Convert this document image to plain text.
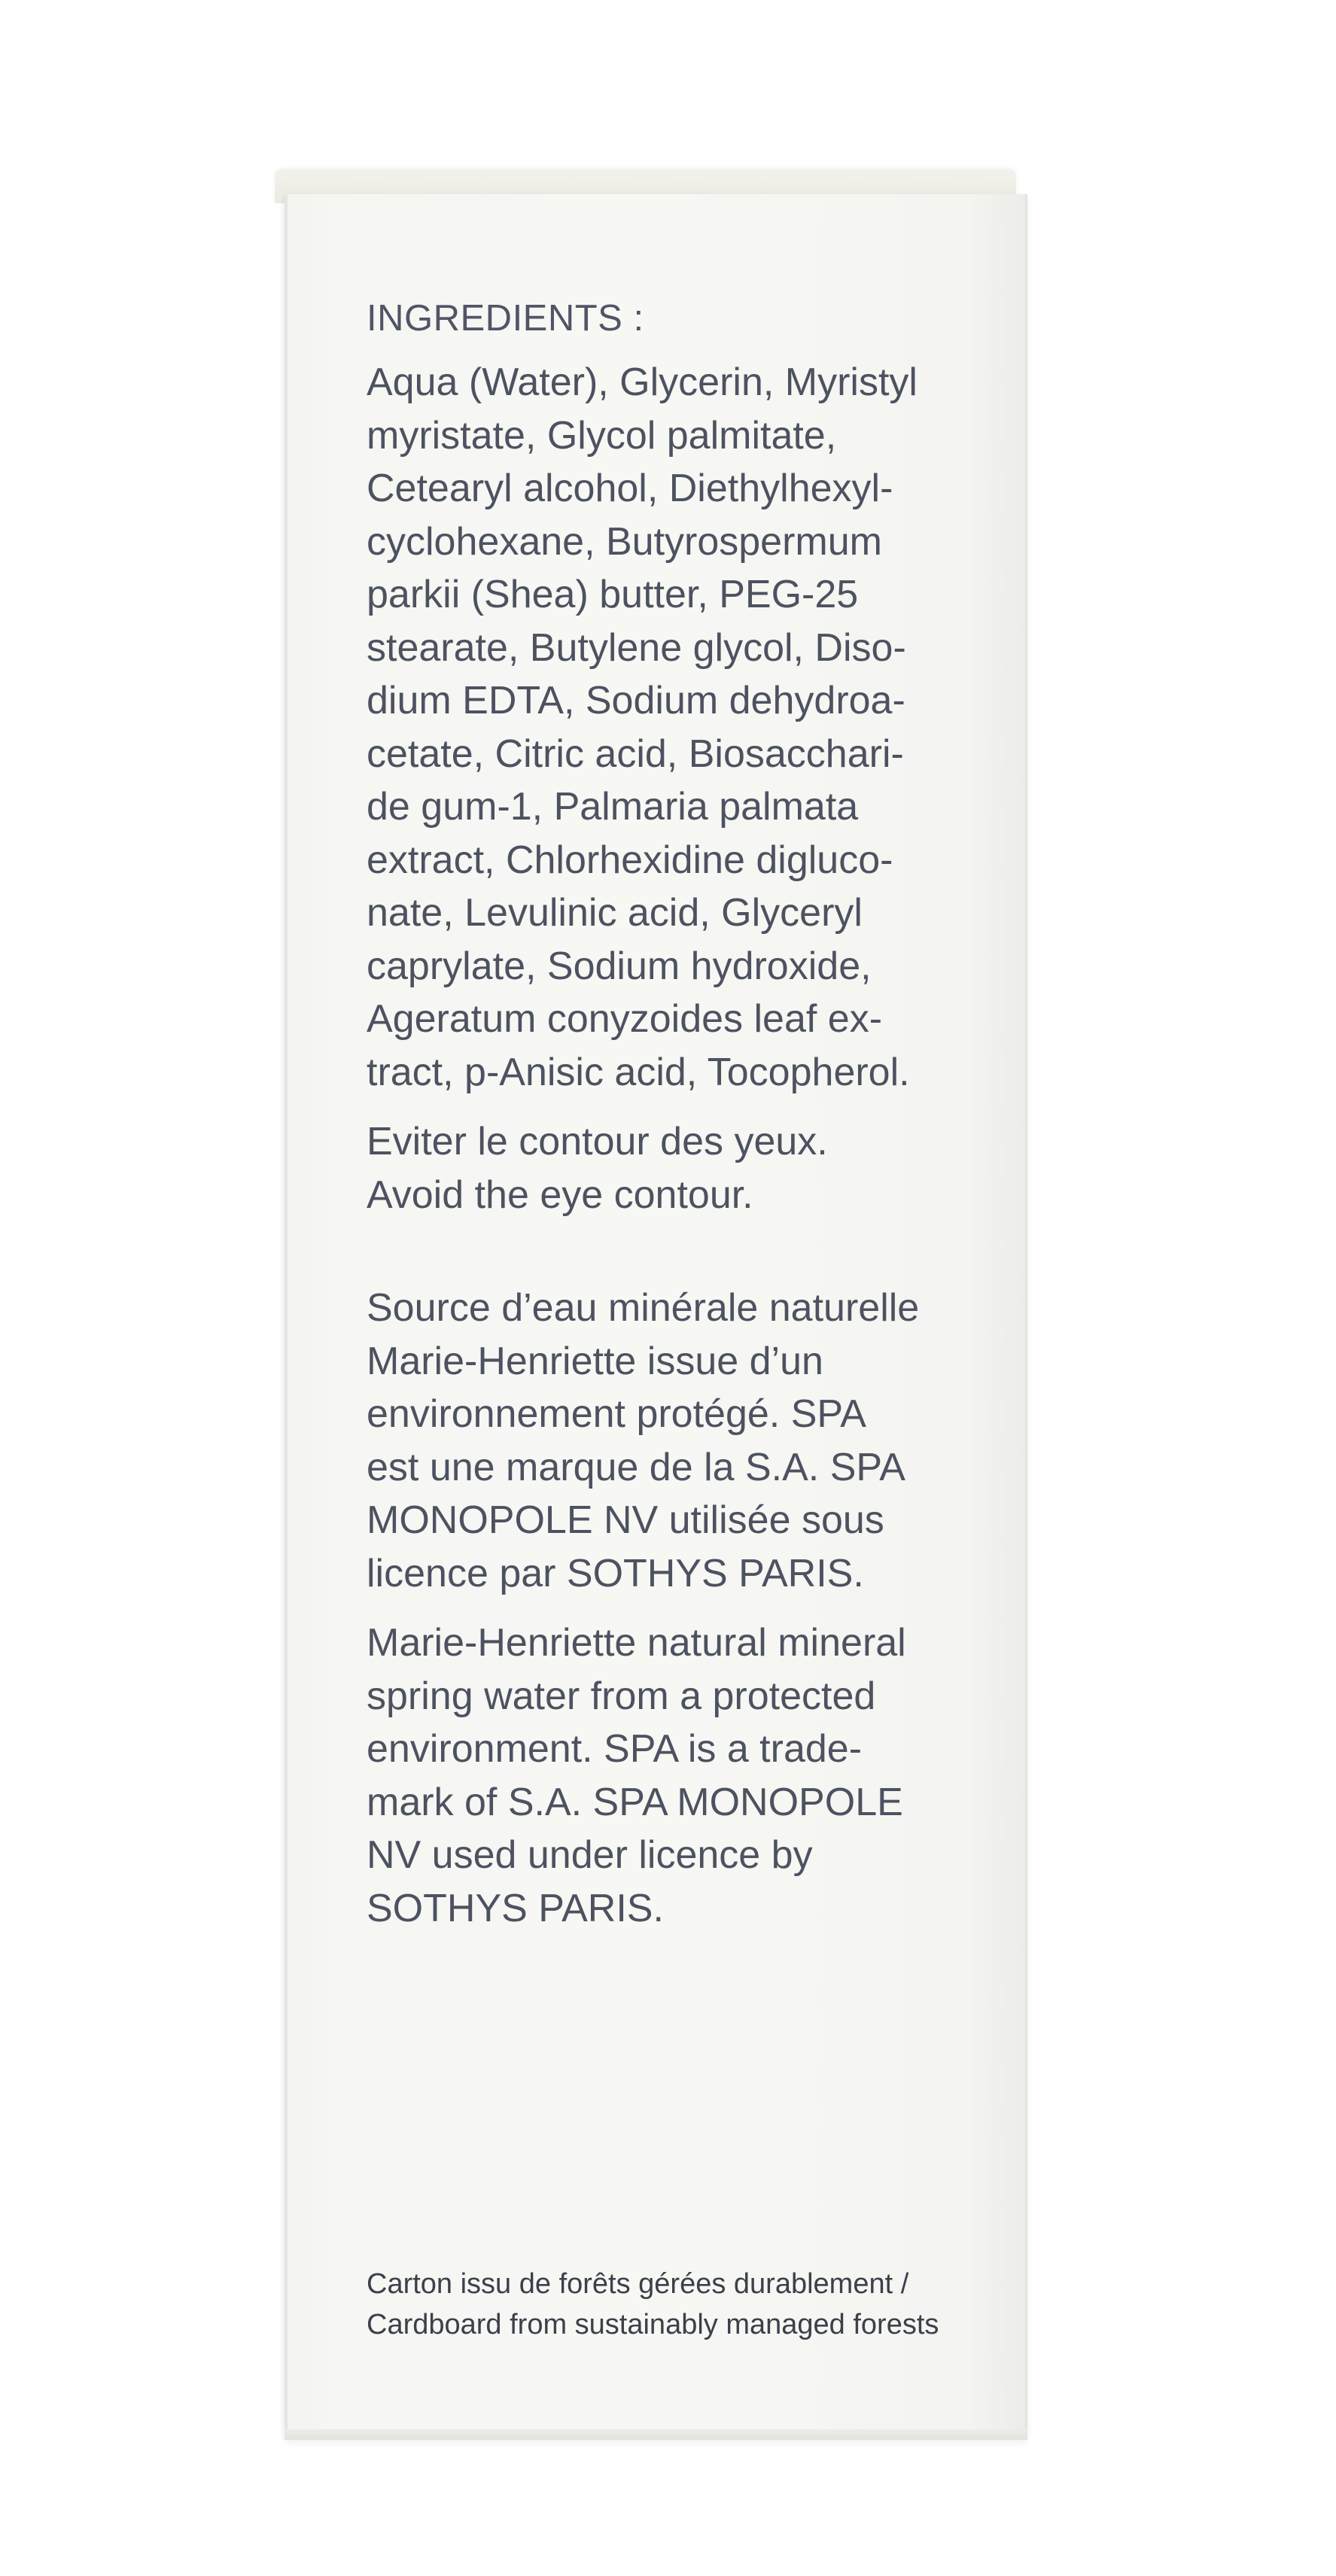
INGREDIENTS :

Aqua (Water), Glycerin, Myristyl
myristate, Glycol palmitate,
Cetearyl alcohol, Diethylhexyl-
cyclohexane, Butyrospermum
parkii (Shea) butter, PEG-25
stearate, Butylene glycol, Diso-
dium EDTA, Sodium dehydroa-
cetate, Citric acid, Biosacchari-
de gum-1, Palmaria palmata
extract, Chlorhexidine digluco-
nate, Levulinic acid, Glyceryl
caprylate, Sodium hydroxide,
Ageratum conyzoides leaf ex-
tract, p-Anisic acid, Tocopherol.

Eviter le contour des yeux.
Avoid the eye contour.

Source d’eau minérale naturelle
Marie-Henriette issue d’un
environnement protégé. SPA
est une marque de la S.A. SPA
MONOPOLE NV utilisée sous
licence par SOTHYS PARIS.

Marie-Henriette natural mineral
spring water from a protected
environment. SPA is a trade-
mark of S.A. SPA MONOPOLE
NV used under licence by
SOTHYS PARIS.

Carton issu de forêts gérées durablement /
Cardboard from sustainably managed forests
